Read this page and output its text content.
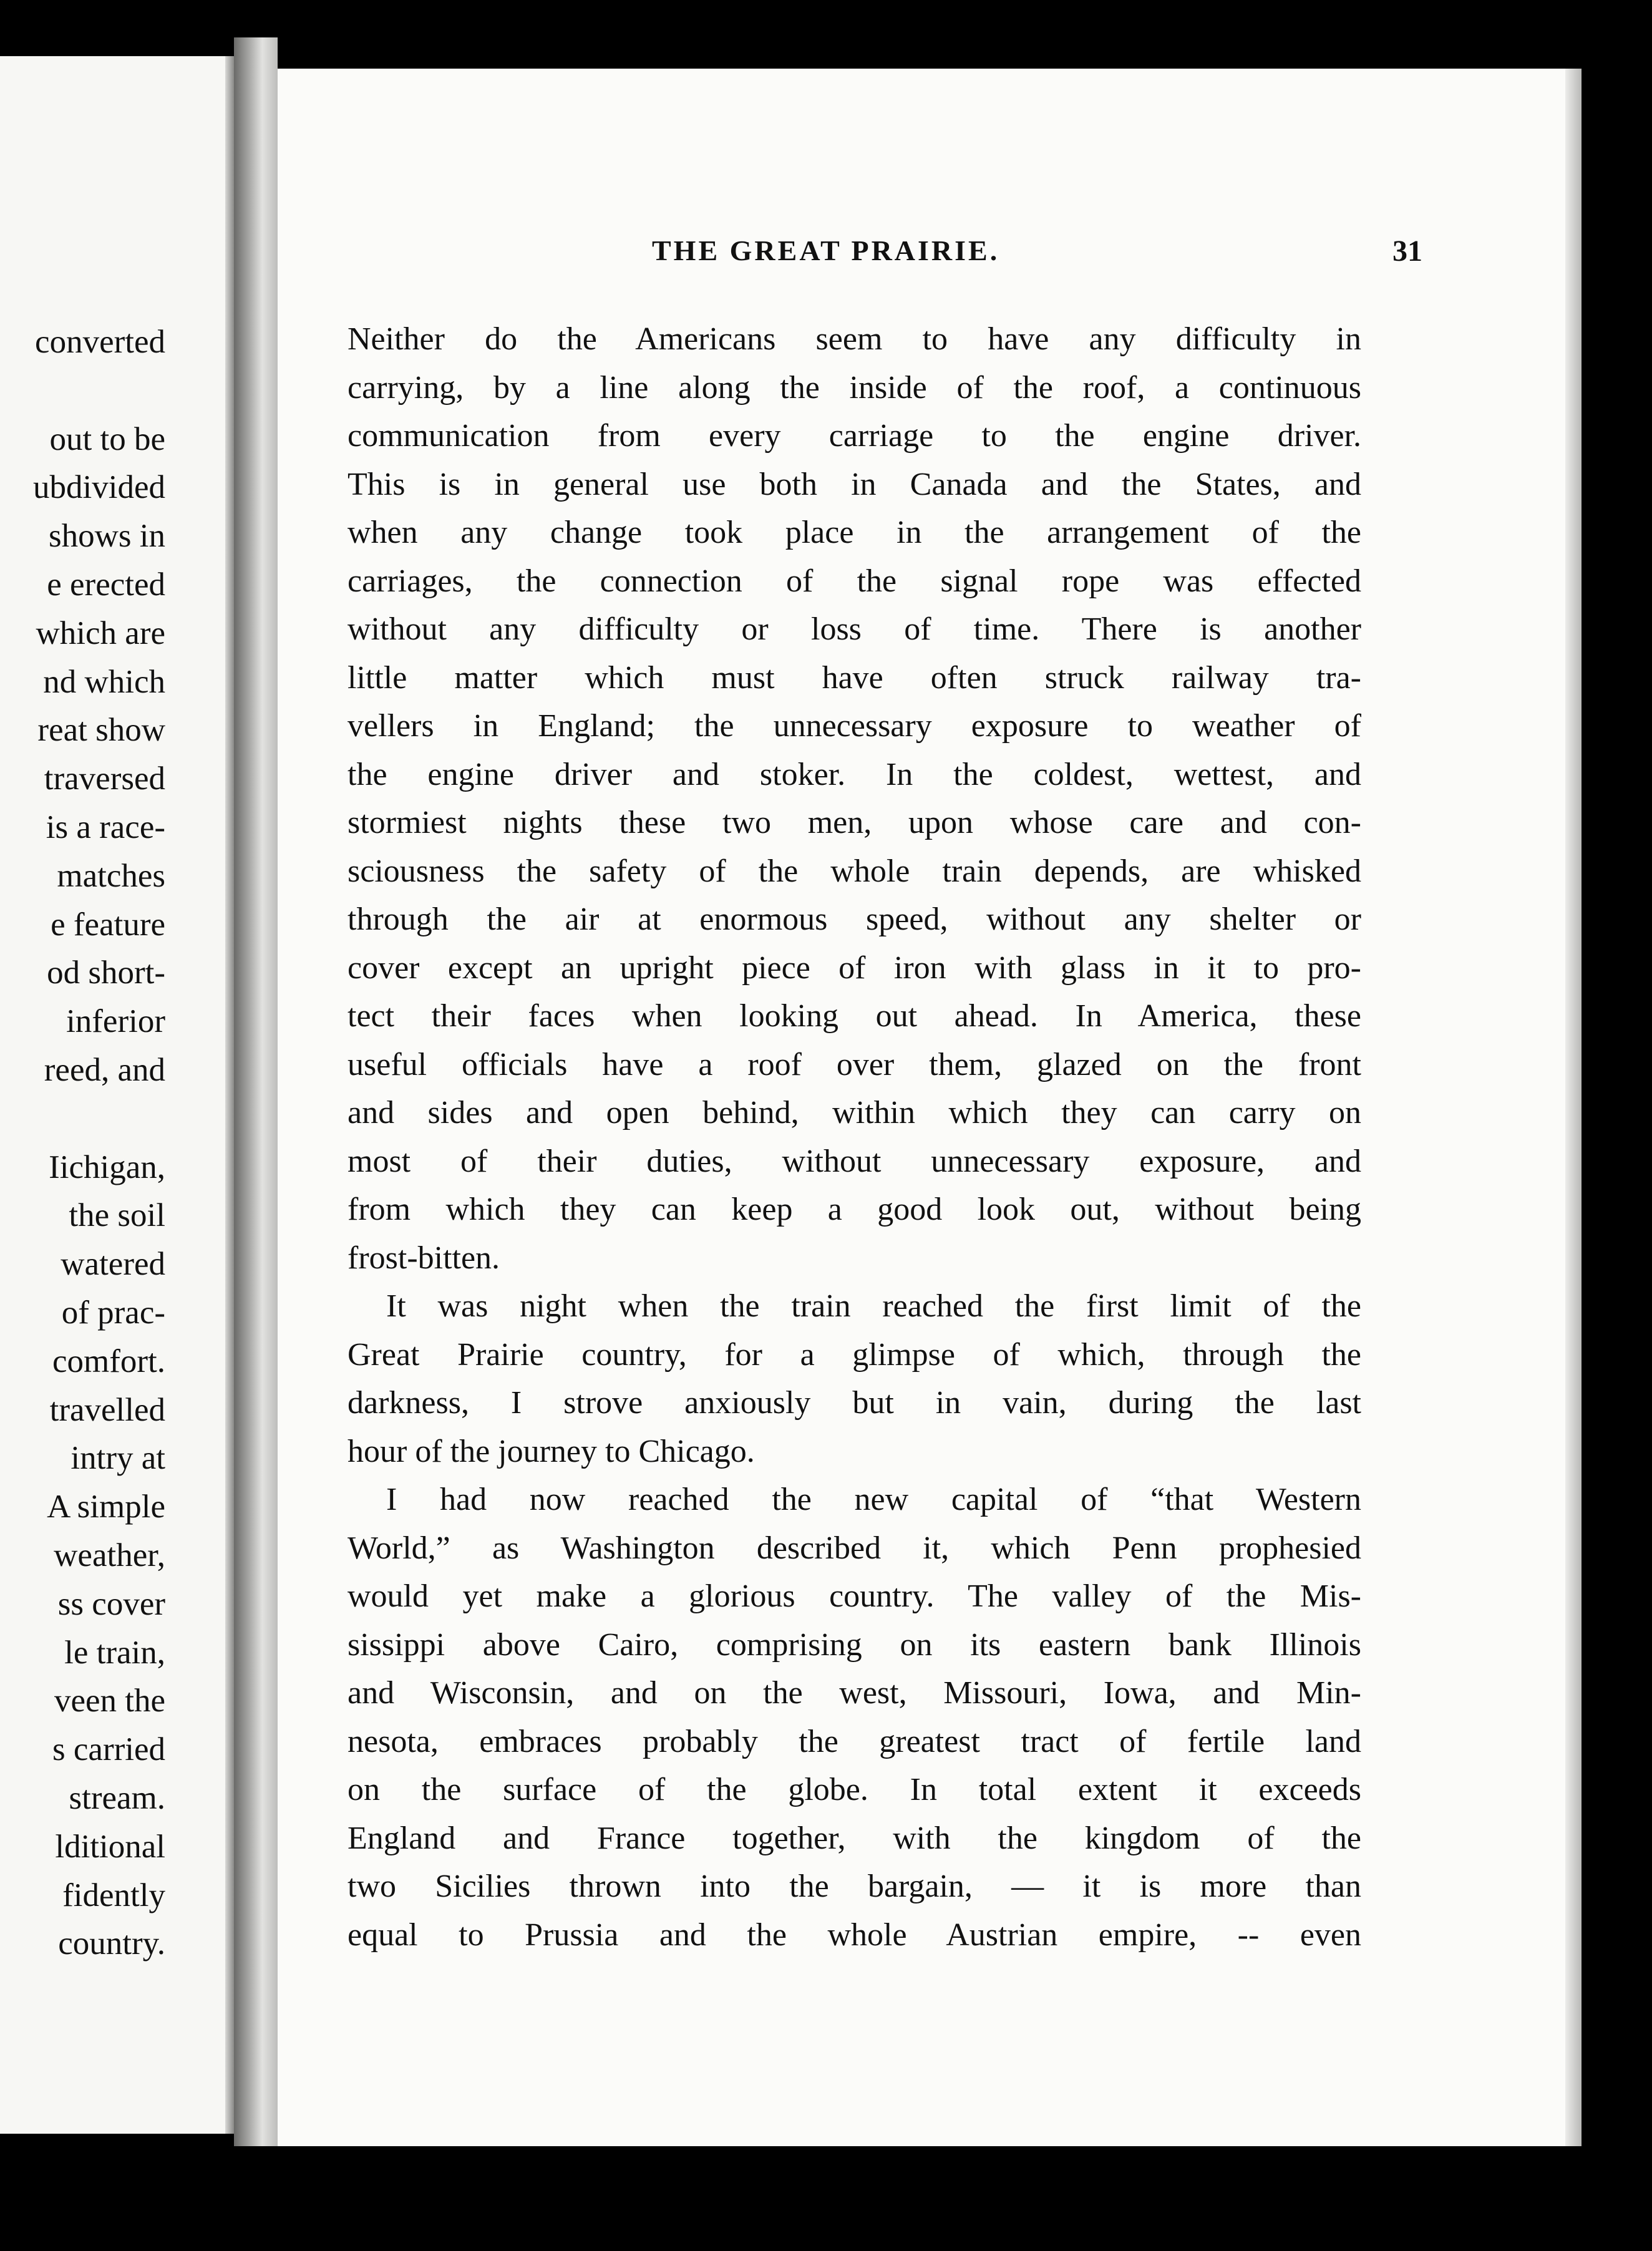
converted
out to be
ubdivided
shows in
e erected
which are
nd which
reat show
traversed
is a race-
matches
e feature
od short-
inferior
reed, and
Iichigan,
the soil
watered
of prac-
comfort.
travelled
intry at
A simple
weather,
ss cover
le train,
veen the
s carried
stream.
lditional
fidently
country.
THE GREAT PRAIRIE.	31
Neither do the Americans seem to have any difficulty in
carrying, by a line along the inside of the roof, a continuous
communication from every carriage to the engine driver.
This is in general use both in Canada and the States, and
when any change took place in the arrangement of the
carriages, the connection of the signal rope was effected
without any difficulty or loss of time. There is another
little matter which must have often struck railway tra-
vellers in England; the unnecessary exposure to weather of
the engine driver and stoker. In the coldest, wettest, and
stormiest nights these two men, upon whose care and con-
sciousness the safety of the whole train depends, are whisked
through the air at enormous speed, without any shelter or
cover except an upright piece of iron with glass in it to pro-
tect their faces when looking out ahead. In America, these
useful officials have a roof over them, glazed on the front
and sides and open behind, within which they can carry on
most of their duties, without unnecessary exposure, and
from which they can keep a good look out, without being
frost-bitten.
It was night when the train reached the first limit of the
Great Prairie country, for a glimpse of which, through the
darkness, I strove anxiously but in vain, during the last
hour of the journey to Chicago.
I had now reached the new capital of “that Western
World,” as Washington described it, which Penn prophesied
would yet make a glorious country. The valley of the Mis-
sissippi above Cairo, comprising on its eastern bank Illinois
and Wisconsin, and on the west, Missouri, Iowa, and Min-
nesota, embraces probably the greatest tract of fertile land
on the surface of the globe. In total extent it exceeds
England and France together, with the kingdom of the
two Sicilies thrown into the bargain, — it is more than
equal to Prussia and the whole Austrian empire, -- even
